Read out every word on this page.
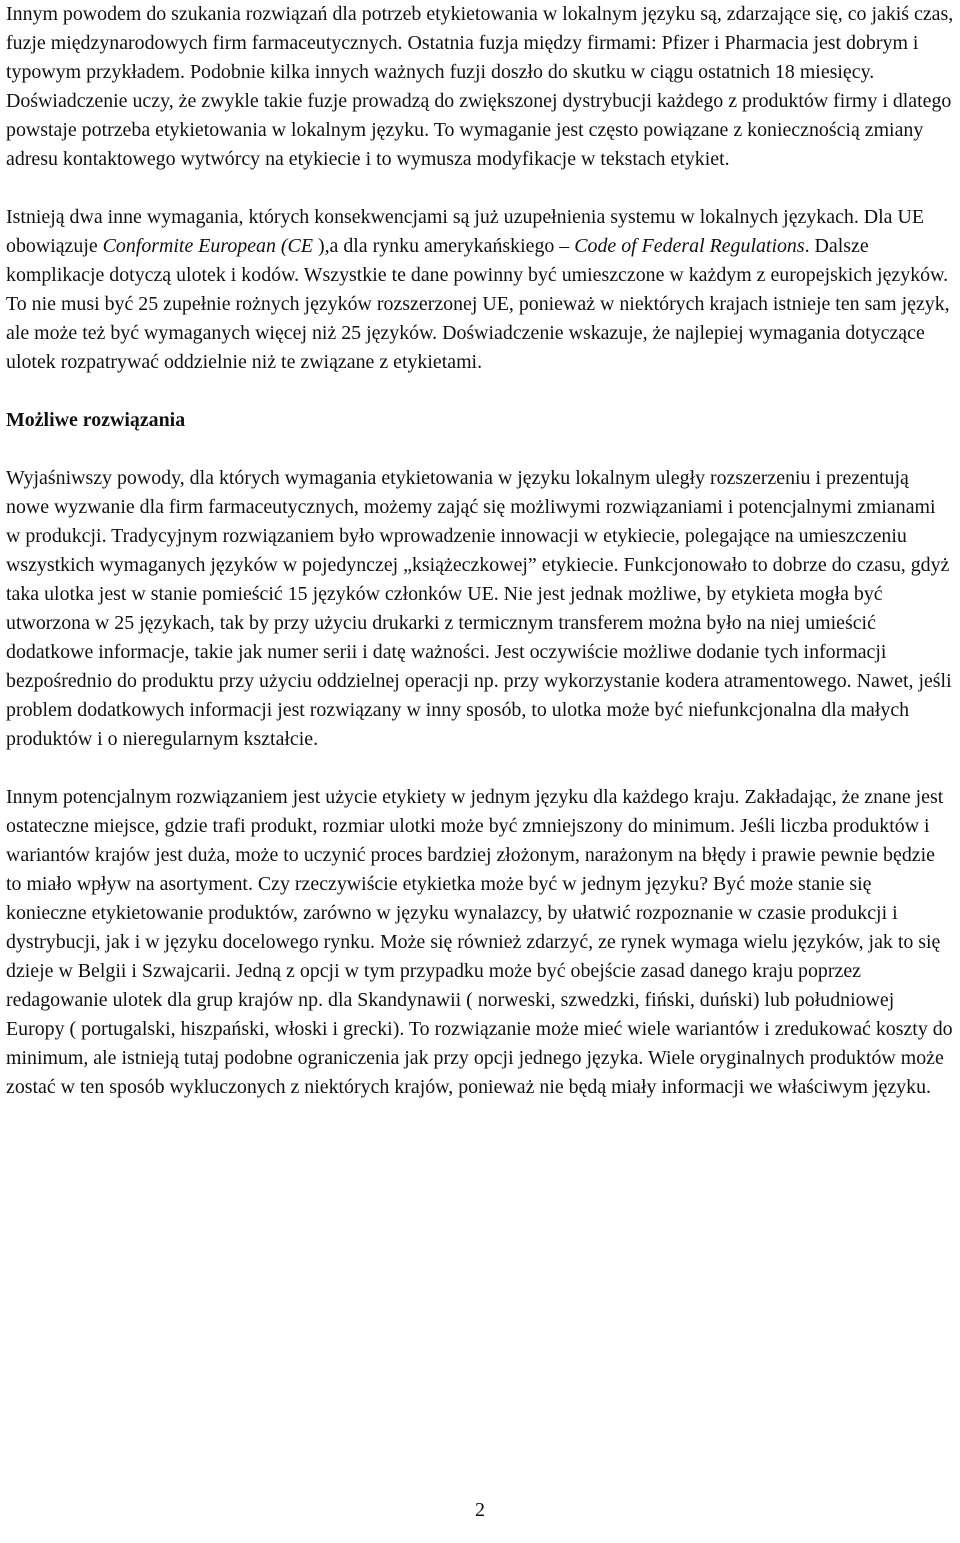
Innym powodem do szukania rozwiązań dla potrzeb etykietowania w lokalnym języku są, zdarzające się, co jakiś czas, fuzje międzynarodowych firm farmaceutycznych. Ostatnia fuzja między firmami: Pfizer i Pharmacia jest dobrym i typowym przykładem. Podobnie kilka innych ważnych fuzji doszło do skutku w ciągu ostatnich 18 miesięcy. Doświadczenie uczy, że zwykle takie fuzje prowadzą do zwiększonej dystrybucji każdego z produktów firmy i dlatego powstaje potrzeba etykietowania w lokalnym języku. To wymaganie jest często powiązane z koniecznością zmiany adresu kontaktowego wytwórcy na etykiecie i to wymusza modyfikacje w tekstach etykiet.

Istnieją dwa inne wymagania, których konsekwencjami są już uzupełnienia systemu w lokalnych językach. Dla UE obowiązuje Conformite European (CE ),a dla rynku amerykańskiego – Code of Federal Regulations. Dalsze komplikacje dotyczą ulotek i kodów. Wszystkie te dane powinny być umieszczone w każdym z europejskich języków. To nie musi być 25 zupełnie rożnych języków rozszerzonej UE, ponieważ w niektórych krajach istnieje ten sam język, ale może też być wymaganych więcej niż 25 języków. Doświadczenie wskazuje, że najlepiej wymagania dotyczące ulotek rozpatrywać oddzielnie niż te związane z etykietami.

Możliwe rozwiązania

Wyjaśniwszy powody, dla których wymagania etykietowania w języku lokalnym uległy rozszerzeniu i prezentują nowe wyzwanie dla firm farmaceutycznych, możemy zająć się możliwymi rozwiązaniami i potencjalnymi zmianami w produkcji. Tradycyjnym rozwiązaniem było wprowadzenie innowacji w etykiecie, polegające na umieszczeniu wszystkich wymaganych języków w pojedynczej „książeczkowej” etykiecie. Funkcjonowało to dobrze do czasu, gdyż taka ulotka jest w stanie pomieścić 15 języków członków UE. Nie jest jednak możliwe, by etykieta mogła być utworzona w 25 językach, tak by przy użyciu drukarki z termicznym transferem można było na niej umieścić dodatkowe informacje, takie jak numer serii i datę ważności. Jest oczywiście możliwe dodanie tych informacji bezpośrednio do produktu przy użyciu oddzielnej operacji np. przy wykorzystanie kodera atramentowego. Nawet, jeśli problem dodatkowych informacji jest rozwiązany w inny sposób, to ulotka może być niefunkcjonalna dla małych produktów i o nieregularnym kształcie.

Innym potencjalnym rozwiązaniem jest użycie etykiety w jednym języku dla każdego kraju. Zakładając, że znane jest ostateczne miejsce, gdzie trafi produkt, rozmiar ulotki może być zmniejszony do minimum. Jeśli liczba produktów i wariantów krajów jest duża, może to uczynić proces bardziej złożonym, narażonym na błędy i prawie pewnie będzie to miało wpływ na asortyment. Czy rzeczywiście etykietka może być w jednym języku? Być może stanie się konieczne etykietowanie produktów, zarówno w języku wynalazcy, by ułatwić rozpoznanie w czasie produkcji i dystrybucji, jak i w języku docelowego rynku. Może się również zdarzyć, ze rynek wymaga wielu języków, jak to się dzieje w Belgii i Szwajcarii. Jedną z opcji w tym przypadku może być obejście zasad danego kraju poprzez redagowanie ulotek dla grup krajów np. dla Skandynawii ( norweski, szwedzki, fiński, duński) lub południowej Europy ( portugalski, hiszpański, włoski i grecki). To rozwiązanie może mieć wiele wariantów i zredukować koszty do minimum, ale istnieją tutaj podobne ograniczenia jak przy opcji jednego języka. Wiele oryginalnych produktów może zostać w ten sposób wykluczonych z niektórych krajów, ponieważ nie będą miały informacji we właściwym języku.

2
